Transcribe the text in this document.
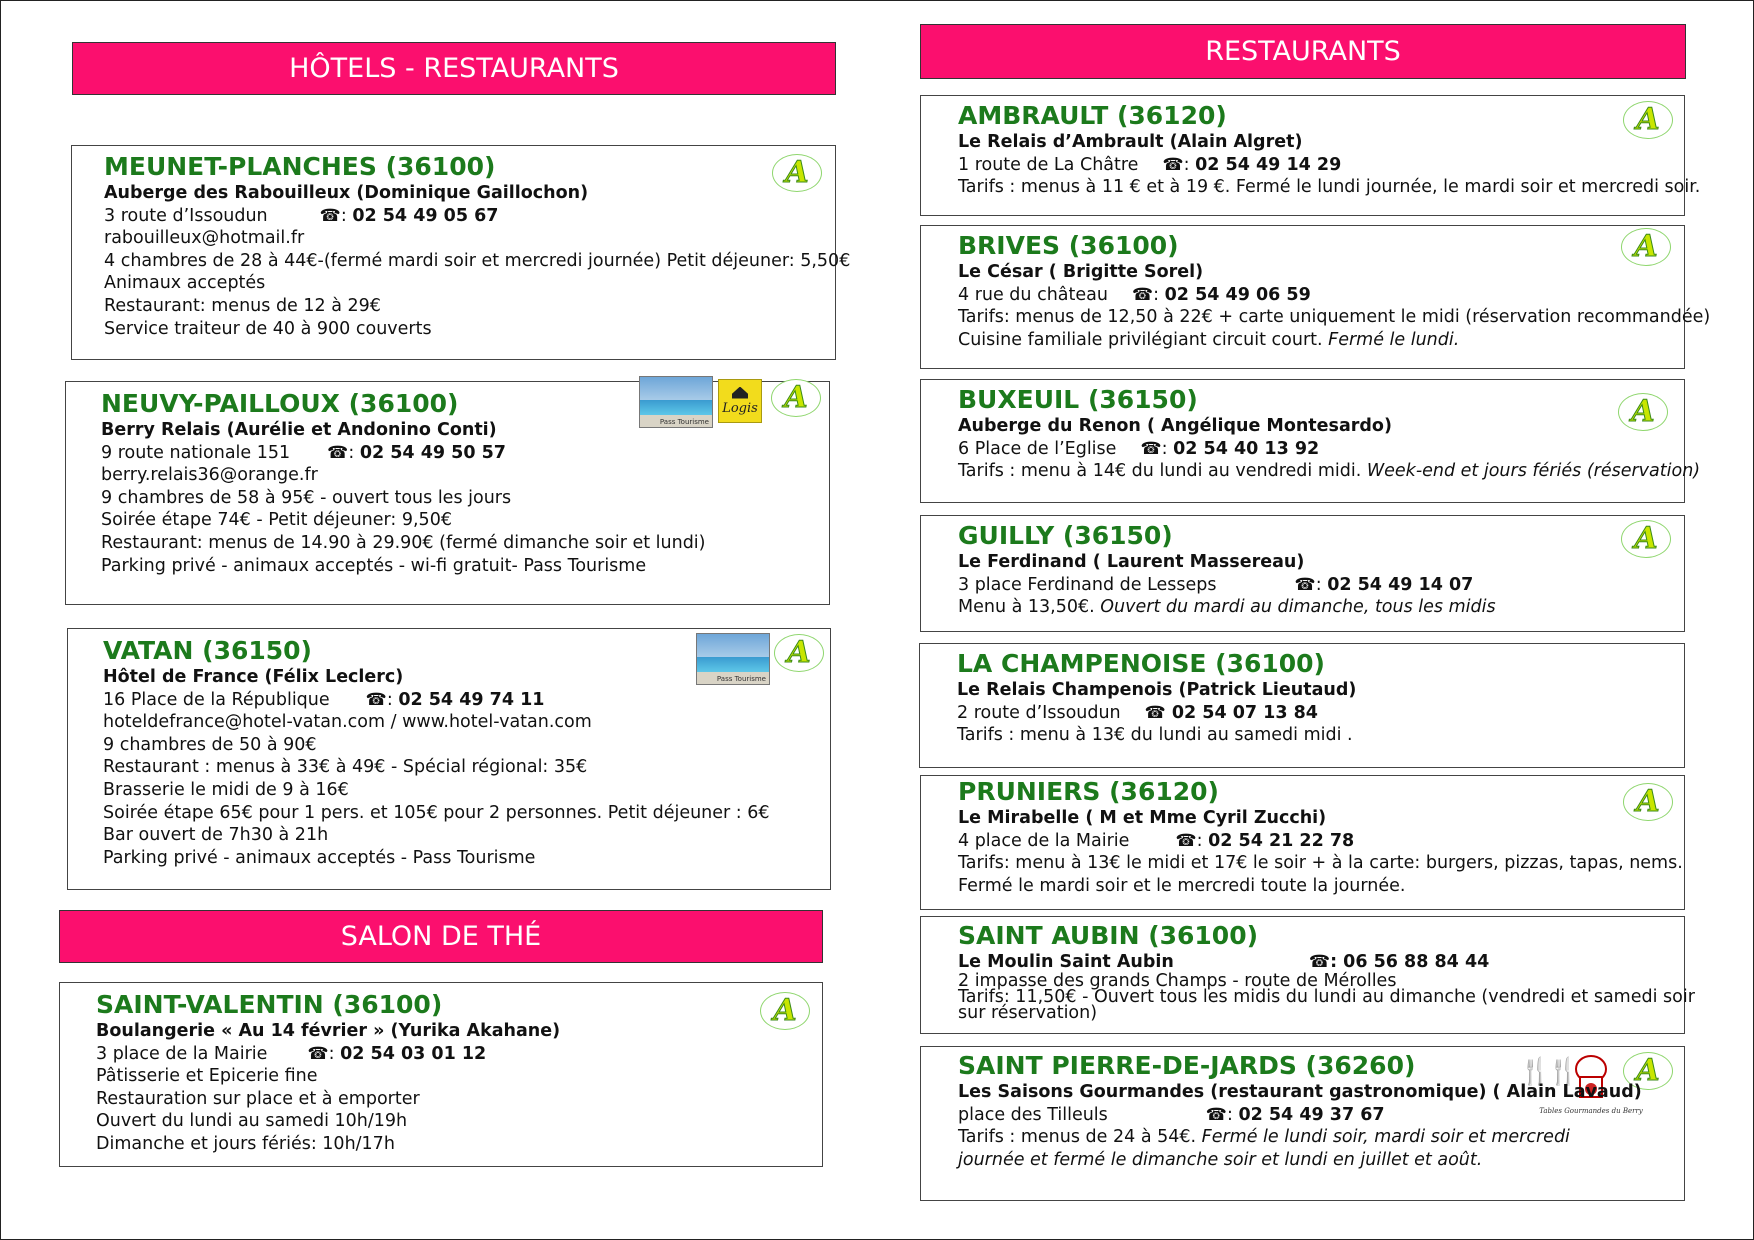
HÔTELS - RESTAURANTS
A
MEUNET-PLANCHES (36100)
Auberge des Rabouilleux (Dominique Gaillochon)
3 route d’Issoudun	☎: 02 54 49 05 67
rabouilleux@hotmail.fr
4 chambres de 28 à 44€-(fermé mardi soir et mercredi journée) Petit déjeuner: 5,50€
Animaux acceptés
Restaurant: menus de 12 à 29€
Service traiteur de 40 à 900 couverts
Pass Tourisme
Logis A
NEUVY-PAILLOUX (36100)
Berry Relais (Aurélie et Andonino Conti)
9 route nationale 151 ☎: 02 54 49 50 57
berry.relais36@orange.fr
9 chambres de 58 à 95€ - ouvert tous les jours
Soirée étape 74€ - Petit déjeuner: 9,50€
Restaurant: menus de 14.90 à 29.90€ (fermé dimanche soir et lundi)
Parking privé - animaux acceptés - wi-fi gratuit- Pass Tourisme
Pass Tourisme
A
VATAN (36150)
Hôtel de France (Félix Leclerc)
16 Place de la République ☎: 02 54 49 74 11
hoteldefrance@hotel-vatan.com / www.hotel-vatan.com
9 chambres de 50 à 90€
Restaurant : menus à 33€ à 49€ - Spécial régional: 35€
Brasserie le midi de 9 à 16€
Soirée étape 65€ pour 1 pers. et 105€ pour 2 personnes. Petit déjeuner : 6€
Bar ouvert de 7h30 à 21h
Parking privé - animaux acceptés - Pass Tourisme
SALON DE THÉ
A
SAINT-VALENTIN (36100)
Boulangerie « Au 14 février » (Yurika Akahane)
3 place de la Mairie ☎: 02 54 03 01 12
Pâtisserie et Epicerie fine
Restauration sur place et à emporter
Ouvert du lundi au samedi 10h/19h
Dimanche et jours fériés: 10h/17h
RESTAURANTS
A
AMBRAULT (36120)
Le Relais d’Ambrault (Alain Algret)
1 route de La Châtre ☎: 02 54 49 14 29
Tarifs : menus à 11 € et à 19 €. Fermé le lundi journée, le mardi soir et mercredi soir.
A
BRIVES (36100)
Le César ( Brigitte Sorel)
4 rue du château ☎: 02 54 49 06 59
Tarifs: menus de 12,50 à 22€ + carte uniquement le midi (réservation recommandée)
Cuisine familiale privilégiant circuit court. Fermé le lundi.
A
BUXEUIL (36150)
Auberge du Renon ( Angélique Montesardo)
6 Place de l’Eglise ☎: 02 54 40 13 92
Tarifs : menu à 14€ du lundi au vendredi midi. Week-end et jours fériés (réservation)
A
GUILLY (36150)
Le Ferdinand ( Laurent Massereau)
3 place Ferdinand de Lesseps	☎: 02 54 49 14 07
Menu à 13,50€. Ouvert du mardi au dimanche, tous les midis
LA CHAMPENOISE (36100)
Le Relais Champenois (Patrick Lieutaud)
2 route d’Issoudun ☎ 02 54 07 13 84
Tarifs : menu à 13€ du lundi au samedi midi .
A
PRUNIERS (36120)
Le Mirabelle ( M et Mme Cyril Zucchi)
4 place de la Mairie	☎: 02 54 21 22 78
Tarifs: menu à 13€ le midi et 17€ le soir + à la carte: burgers, pizzas, tapas, nems.
Fermé le mardi soir et le mercredi toute la journée.
SAINT AUBIN (36100)
Le Moulin Saint Aubin	☎: 06 56 88 84 44
2 impasse des grands Champs - route de Mérolles
Tarifs: 11,50€ - Ouvert tous les midis du lundi au dimanche (vendredi et samedi soir
sur réservation)
🍴🍴
Tables Gourmandes du Berry
A
SAINT PIERRE-DE-JARDS (36260)
Les Saisons Gourmandes (restaurant gastronomique) ( Alain Lavaud)
place des Tilleuls	☎: 02 54 49 37 67
Tarifs : menus de 24 à 54€. Fermé le lundi soir, mardi soir et mercredi
journée et fermé le dimanche soir et lundi en juillet et août.
